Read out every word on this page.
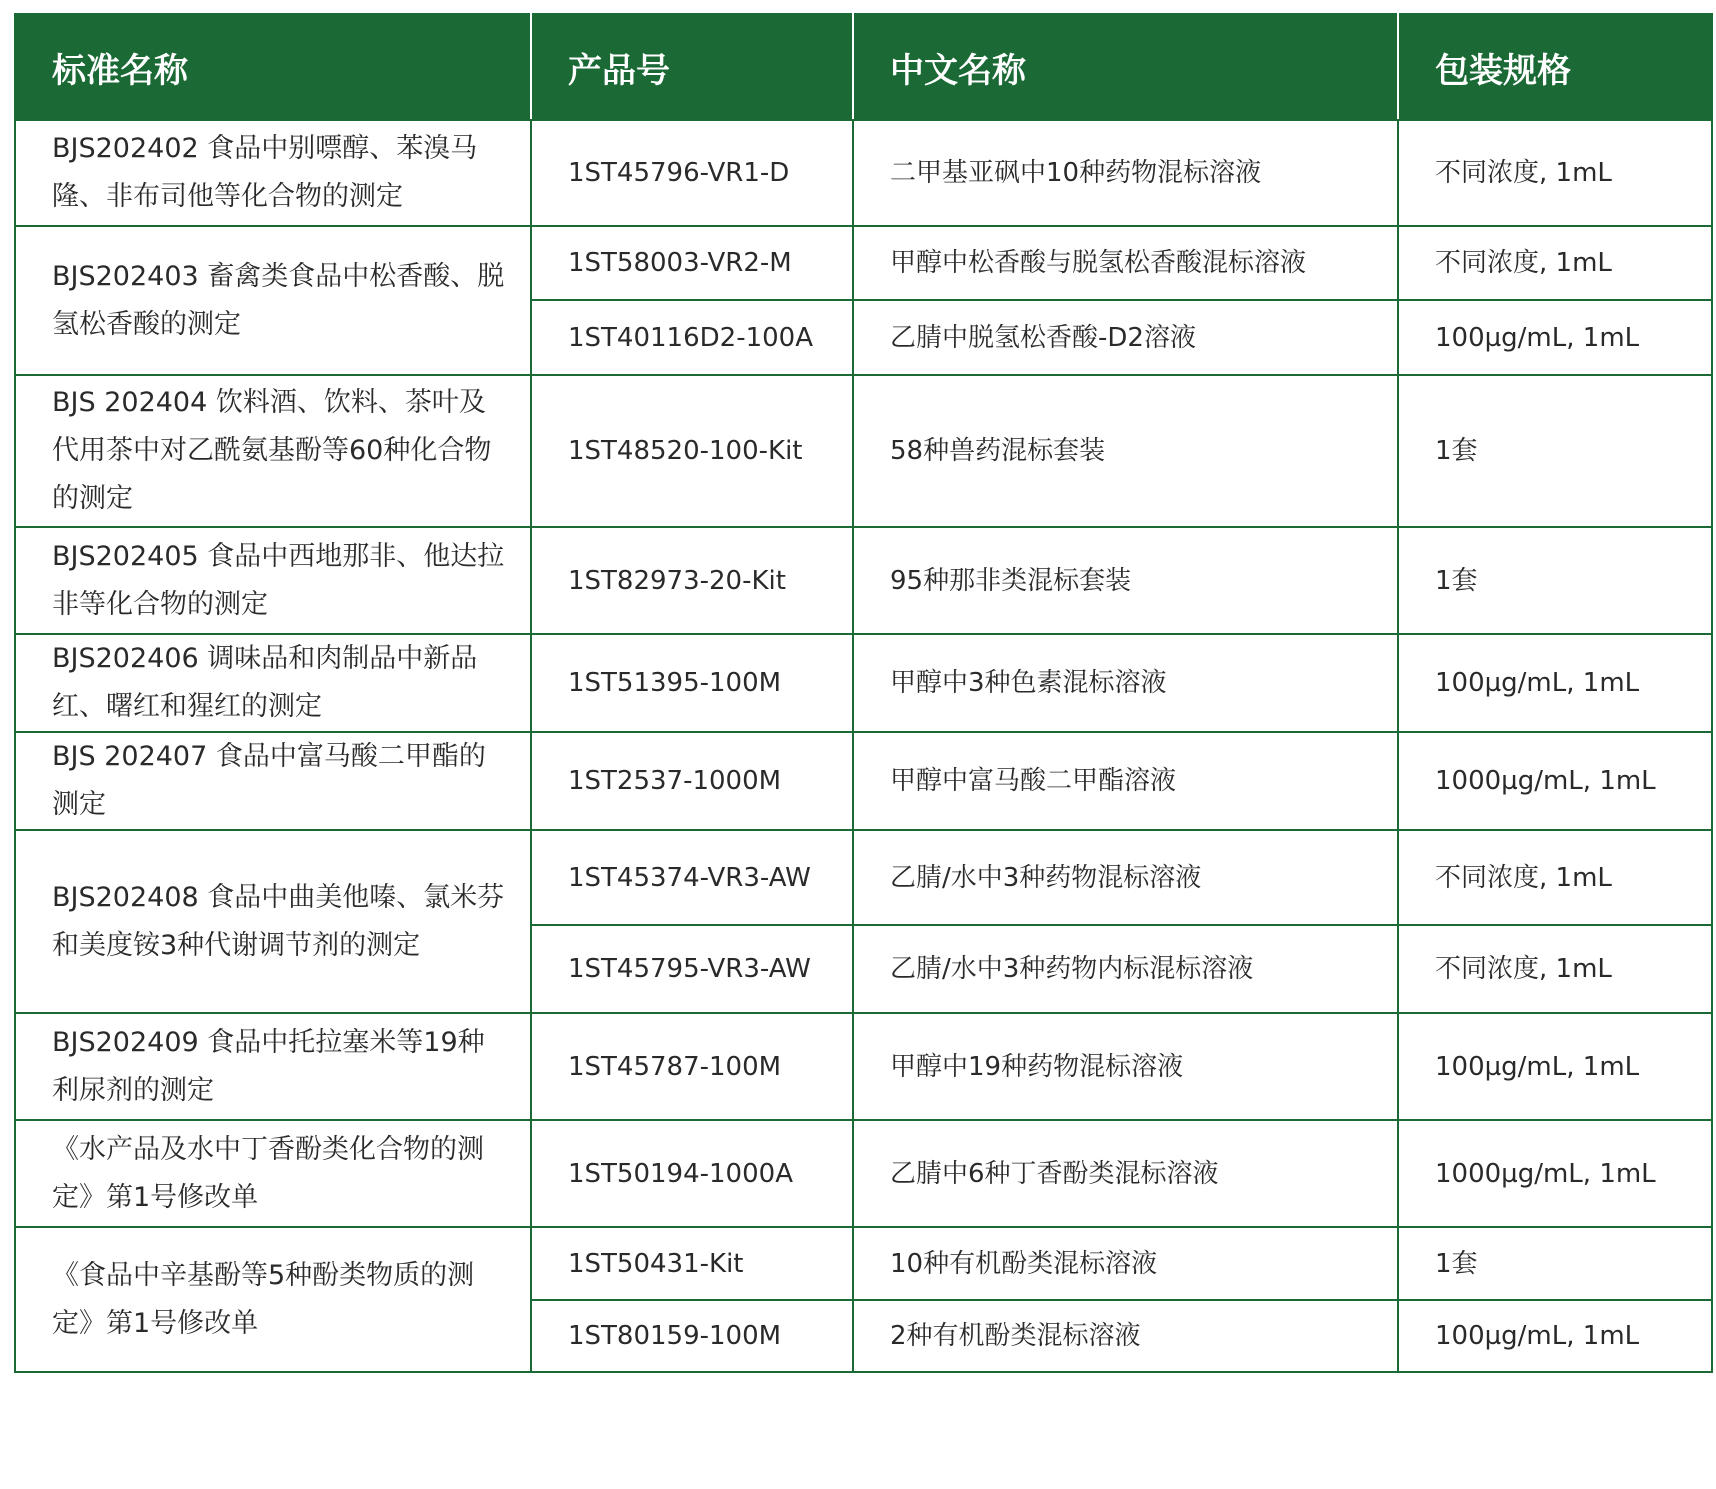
标准名称	产品号	中文名称	包装规格
BJS202402 食品中别嘌醇、苯溴马隆、非布司他等化合物的测定	1ST45796-VR1-D	二甲基亚砜中10种药物混标溶液	不同浓度, 1mL
BJS202403 畜禽类食品中松香酸、脱氢松香酸的测定	1ST58003-VR2-M	甲醇中松香酸与脱氢松香酸混标溶液	不同浓度, 1mL
	1ST40116D2-100A	乙腈中脱氢松香酸-D2溶液	100µg/mL, 1mL
BJS 202404 饮料酒、饮料、茶叶及代用茶中对乙酰氨基酚等60种化合物的测定	1ST48520-100-Kit	58种兽药混标套装	1套
BJS202405 食品中西地那非、他达拉非等化合物的测定	1ST82973-20-Kit	95种那非类混标套装	1套
BJS202406 调味品和肉制品中新品红、曙红和猩红的测定	1ST51395-100M	甲醇中3种色素混标溶液	100µg/mL, 1mL
BJS 202407 食品中富马酸二甲酯的测定	1ST2537-1000M	甲醇中富马酸二甲酯溶液	1000µg/mL, 1mL
BJS202408 食品中曲美他嗪、氯米芬和美度铵3种代谢调节剂的测定	1ST45374-VR3-AW	乙腈/水中3种药物混标溶液	不同浓度, 1mL
	1ST45795-VR3-AW	乙腈/水中3种药物内标混标溶液	不同浓度, 1mL
BJS202409 食品中托拉塞米等19种利尿剂的测定	1ST45787-100M	甲醇中19种药物混标溶液	100µg/mL, 1mL
《水产品及水中丁香酚类化合物的测定》第1号修改单	1ST50194-1000A	乙腈中6种丁香酚类混标溶液	1000µg/mL, 1mL
《食品中辛基酚等5种酚类物质的测定》第1号修改单	1ST50431-Kit	10种有机酚类混标溶液	1套
	1ST80159-100M	2种有机酚类混标溶液	100µg/mL, 1mL
